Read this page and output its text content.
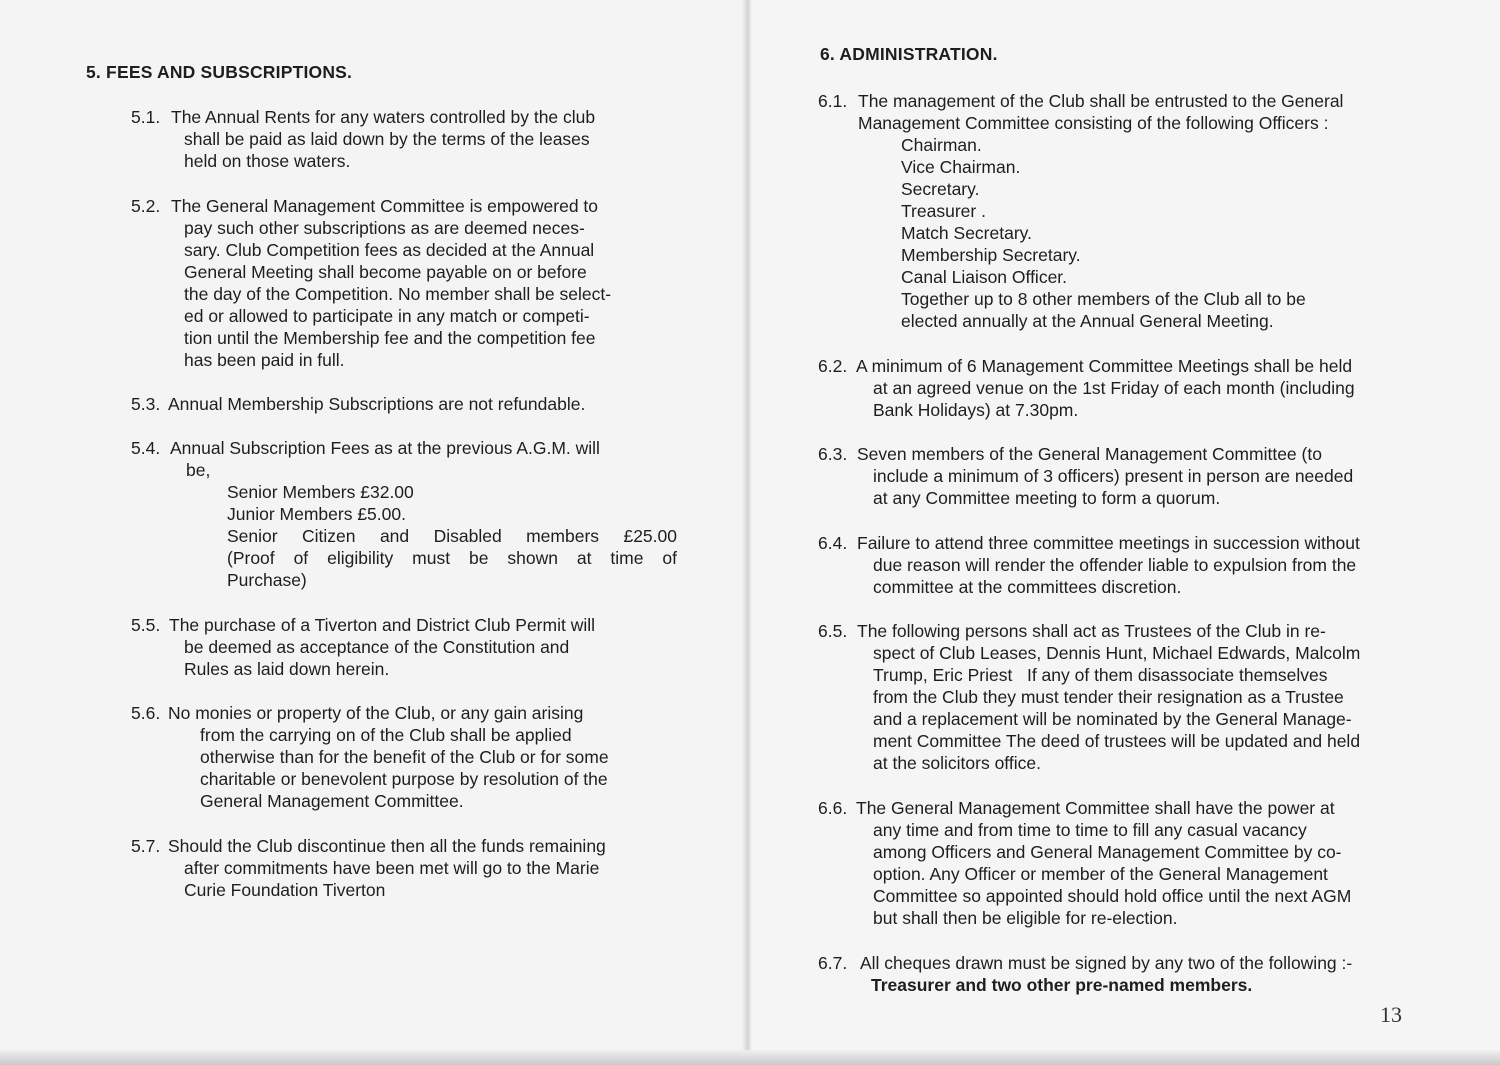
5. FEES AND SUBSCRIPTIONS.
5.1. The Annual Rents for any waters controlled by the club
shall be paid as laid down by the terms of the leases
held on those waters.
5.2. The General Management Committee is empowered to
pay such other subscriptions as are deemed neces-
sary. Club Competition fees as decided at the Annual
General Meeting shall become payable on or before
the day of the Competition. No member shall be select-
ed or allowed to participate in any match or competi-
tion until the Membership fee and the competition fee
has been paid in full.
5.3. Annual Membership Subscriptions are not refundable.
5.4. Annual Subscription Fees as at the previous A.G.M. will
be,
Senior Members £32.00
Junior Members £5.00.
Senior Citizen and Disabled members £25.00
(Proof of eligibility must be shown at time of
Purchase)
5.5. The purchase of a Tiverton and District Club Permit will
be deemed as acceptance of the Constitution and
Rules as laid down herein.
5.6. No monies or property of the Club, or any gain arising
from the carrying on of the Club shall be applied
otherwise than for the benefit of the Club or for some
charitable or benevolent purpose by resolution of the
General Management Committee.
5.7. Should the Club discontinue then all the funds remaining
after commitments have been met will go to the Marie
Curie Foundation Tiverton
6. ADMINISTRATION.
6.1. The management of the Club shall be entrusted to the General
Management Committee consisting of the following Officers :
Chairman.
Vice Chairman.
Secretary.
Treasurer .
Match Secretary.
Membership Secretary.
Canal Liaison Officer.
Together up to 8 other members of the Club all to be
elected annually at the Annual General Meeting.
6.2. A minimum of 6 Management Committee Meetings shall be held
at an agreed venue on the 1st Friday of each month (including
Bank Holidays) at 7.30pm.
6.3. Seven members of the General Management Committee (to
include a minimum of 3 officers) present in person are needed
at any Committee meeting to form a quorum.
6.4. Failure to attend three committee meetings in succession without
due reason will render the offender liable to expulsion from the
committee at the committees discretion.
6.5. The following persons shall act as Trustees of the Club in re-
spect of Club Leases, Dennis Hunt, Michael Edwards, Malcolm
Trump, Eric Priest   If any of them disassociate themselves
from the Club they must tender their resignation as a Trustee
and a replacement will be nominated by the General Manage-
ment Committee The deed of trustees will be updated and held
at the solicitors office.
6.6. The General Management Committee shall have the power at
any time and from time to time to fill any casual vacancy
among Officers and General Management Committee by co-
option. Any Officer or member of the General Management
Committee so appointed should hold office until the next AGM
but shall then be eligible for re-election.
6.7. All cheques drawn must be signed by any two of the following :-
Treasurer and two other pre-named members.
13
